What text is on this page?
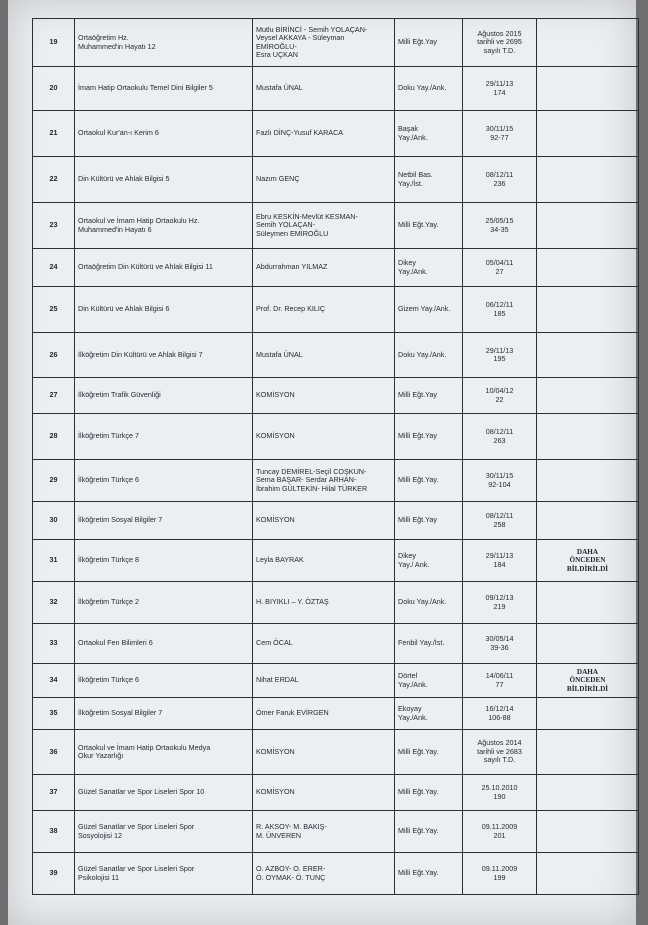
19	Ortaöğretim Hz.
Muhammed'in Hayatı 12	Mutlu BİRİNCİ - Semih YOLAÇAN-
Veysel AKKAYA - Süleyman
EMİROĞLU-
Esra UÇKAN	Milli Eğt.Yay	Ağustos 2015
tarihli ve 2695
sayılı T.D.	

20	İmam Hatip Ortaokulu Temel Dini Bilgiler 5	Mustafa ÜNAL	Doku Yay./Ank.	29/11/13
174	

21	Ortaokul Kur'an-ı Kerim 6	Fazlı DİNÇ-Yusuf KARACA	Başak
Yay./Ank.	30/11/15
92-77	

22	Din Kültürü ve Ahlak Bilgisi 5	Nazım GENÇ	Netbil Bas.
Yay./İst.	08/12/11
236	

23	Ortaokul ve İmam Hatip Ortaokulu Hz.
Muhammed'in Hayatı 6	Ebru KESKİN-Mevlüt KESMAN-
Semih YOLAÇAN-
Süleymen EMİROĞLU	Milli Eğt.Yay.	25/05/15
34-35	

24	Ortaöğretim Din Kültürü ve Ahlak Bilgisi 11	Abdurrahman YILMAZ	Dikey
Yay./Ank.	05/04/11
27	

25	Din Kültürü ve Ahlak Bilgisi 6	Prof. Dr. Recep KILIÇ	Gizem Yay./Ank.	06/12/11
185	

26	İlköğretim Din Kültürü ve Ahlak Bilgisi 7	Mustafa ÜNAL	Doku Yay./Ank.	29/11/13
195	

27	İlköğretim Trafik Güvenliği	KOMİSYON	Milli Eğt.Yay	10/04/12
22	

28	İlköğretim Türkçe 7	KOMİSYON	Milli Eğt.Yay	08/12/11
263	

29	İlköğretim Türkçe 6	Tuncay DEMİREL-Seçil COŞKUN-
Sema BAŞAR- Serdar ARHAN-
İbrahim GÜLTEKİN- Hilal TÜRKER	Milli Eğt.Yay.	30/11/15
92-104	

30	İlköğretim Sosyal Bilgiler 7	KOMİSYON	Milli Eğt.Yay	08/12/11
258	

31	İlköğretim Türkçe 8	Leyla BAYRAK	Dikey
Yay./ Ank.	29/11/13
184	DAHA
ÖNCEDEN
BİLDİRİLDİ

32	İlköğretim Türkçe 2	H. BIYIKLI – Y. ÖZTAŞ	Doku Yay./Ank.	09/12/13
219	

33	Ortaokul Fen Bilimleri 6	Cem ÖCAL	Fenbil Yay./İst.	30/05/14
39-36	

34	İlköğretim Türkçe 6	Nihat ERDAL	Dörtel
Yay./Ank.	14/06/11
77	DAHA
ÖNCEDEN
BİLDİRİLDİ

35	İlköğretim Sosyal Bilgiler 7	Ömer Faruk EVİRGEN	Ekoyay
Yay./Ank.	16/12/14
106-88	

36	Ortaokul ve İmam Hatip Ortaokulu Medya
Okur Yazarlığı	KOMİSYON	Milli Eğt.Yay.	Ağustos 2014
tarihli ve 2683
sayılı T.D.	

37	Güzel Sanatlar ve Spor Liseleri Spor 10	KOMİSYON	Milli Eğt.Yay.	25.10.2010
190	

38	Güzel Sanatlar ve Spor Liseleri Spor
Sosyolojisi 12	R. AKSOY- M. BAKIŞ-
M. ÜNVEREN	Milli Eğt.Yay.	09.11.2009
201	

39	Güzel Sanatlar ve Spor Liseleri Spor
Psikolojisi 11	O. AZBOY- O. ERER-
Ö. OYMAK- Ö. TUNÇ	Milli Eğt.Yay.	09.11.2009
199	
